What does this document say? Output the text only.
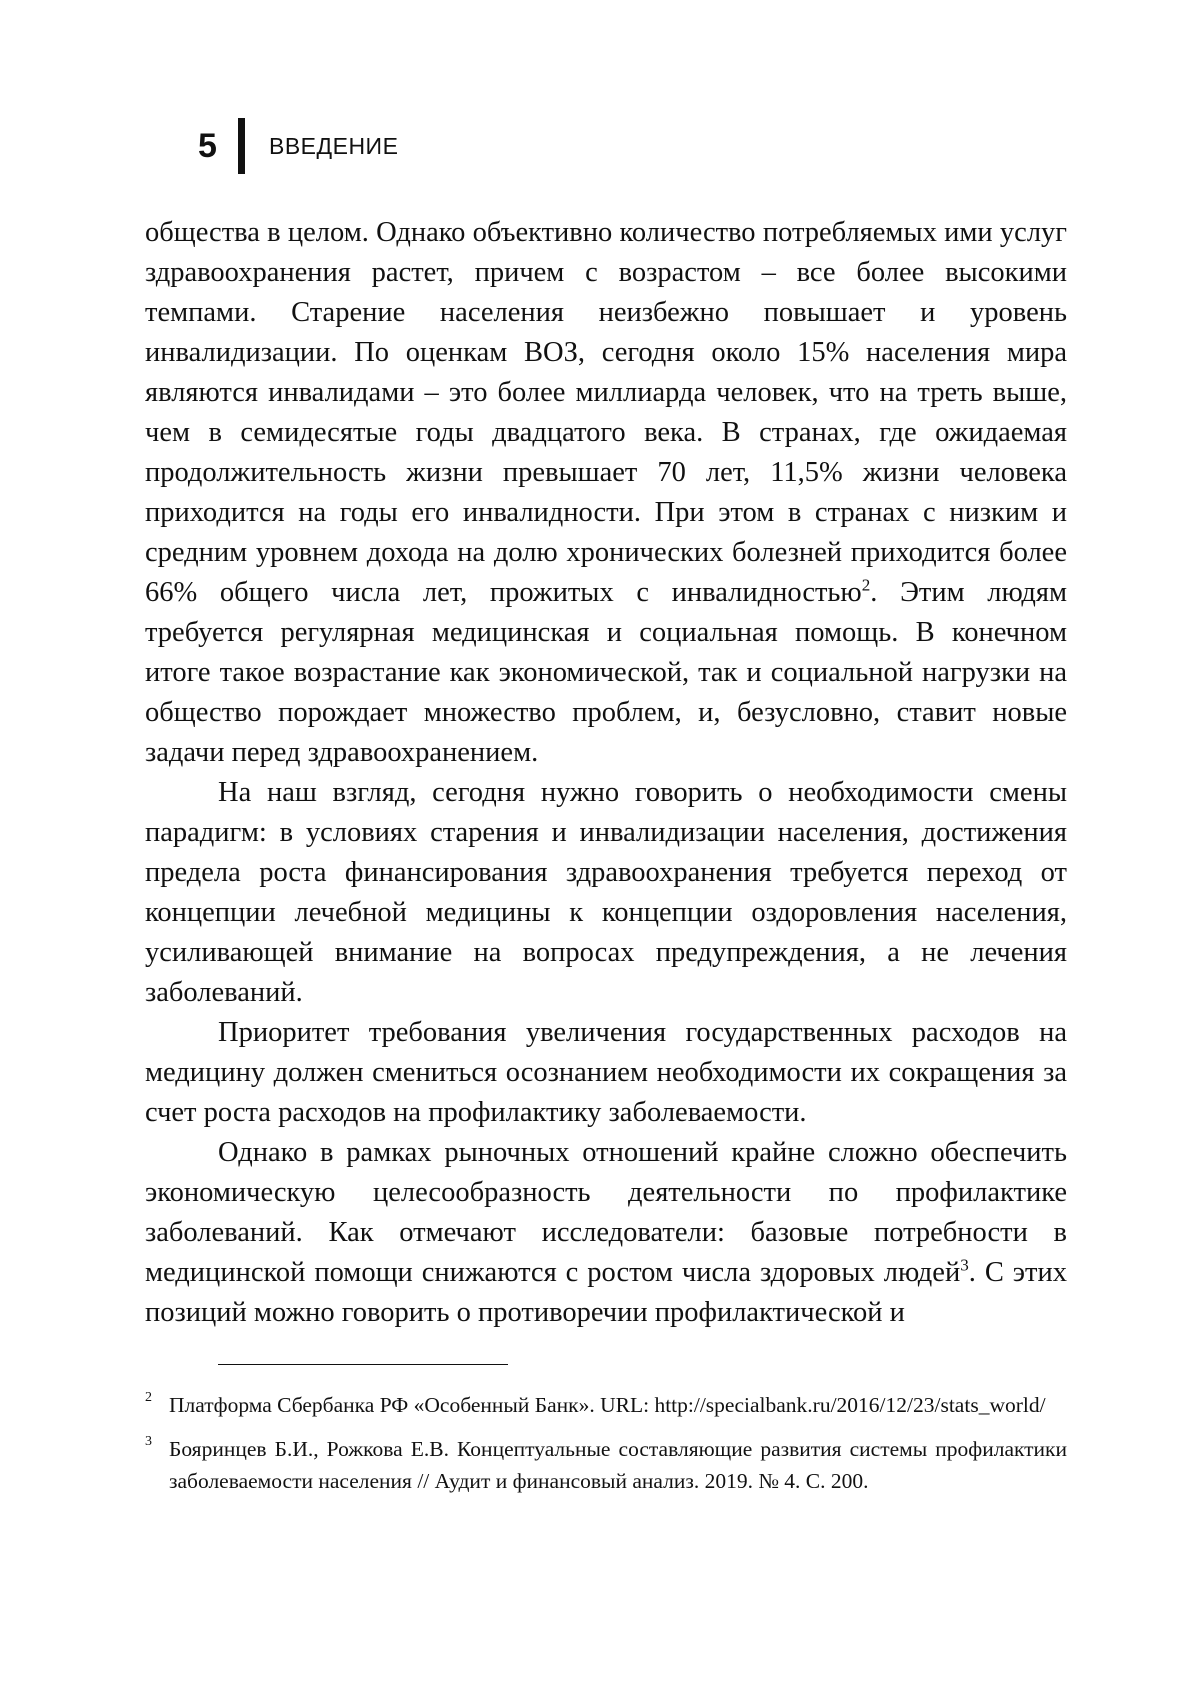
5	ВВЕДЕНИЕ

общества в целом. Однако объективно количество потребляемых ими услуг здравоохранения растет, причем с возрастом – все более высокими темпами. Старение населения неизбежно повышает и уровень инвалидизации. По оценкам ВОЗ, сегодня около 15% населения мира являются инвалидами – это более миллиарда человек, что на треть выше, чем в семидесятые годы двадцатого века. В странах, где ожидаемая продолжительность жизни превышает 70 лет, 11,5% жизни человека приходится на годы его инвалидности. При этом в странах с низким и средним уровнем дохода на долю хронических болезней приходится более 66% общего числа лет, прожитых с инвалидностью$^2$. Этим людям требуется регулярная медицинская и социальная помощь. В конечном итоге такое возрастание как экономической, так и социальной нагрузки на общество порождает множество проблем, и, безусловно, ставит новые задачи перед здравоохранением.

На наш взгляд, сегодня нужно говорить о необходимости смены парадигм: в условиях старения и инвалидизации населения, достижения предела роста финансирования здравоохранения требуется переход от концепции лечебной медицины к концепции оздоровления населения, усиливающей внимание на вопросах предупреждения, а не лечения заболеваний.

Приоритет требования увеличения государственных расходов на медицину должен смениться осознанием необходимости их сокращения за счет роста расходов на профилактику заболеваемости.

Однако в рамках рыночных отношений крайне сложно обеспечить экономическую целесообразность деятельности по профилактике заболеваний. Как отмечают исследователи: базовые потребности в медицинской помощи снижаются с ростом числа здоровых людей$^3$. С этих позиций можно говорить о противоречии профилактической и

2 Платформа Сбербанка РФ «Особенный Банк». URL: http://specialbank.ru/2016/12/23/stats_world/
3 Бояринцев Б.И., Рожкова Е.В. Концептуальные составляющие развития системы профилактики заболеваемости населения // Аудит и финансовый анализ. 2019. № 4. С. 200.
